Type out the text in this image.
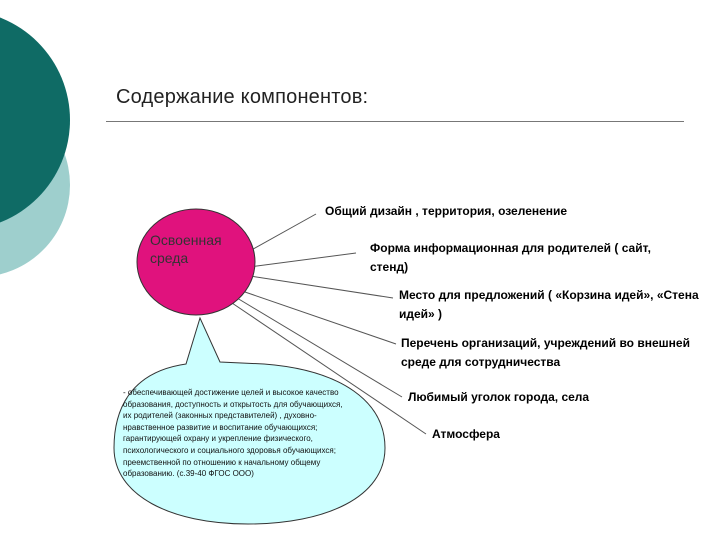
Содержание компонентов:
Освоенная среда
- обеспечивающей достижение целей и высокое качество образования, доступность и открытость для обучающихся, их родителей (законных представителей) , духовно-нравственное развитие и воспитание обучающихся; гарантирующей охрану и укрепление физического, психологического и социального здоровья обучающихся; преемственной по отношению к начальному общему образованию. (с.39-40 ФГОС ООО)
Общий дизайн , территория, озеленение
Форма информационная для родителей ( сайт, стенд)
Место для предложений ( «Корзина идей», «Стена идей» )
Перечень организаций, учреждений во внешней среде для сотрудничества
Любимый уголок города, села
Атмосфера
